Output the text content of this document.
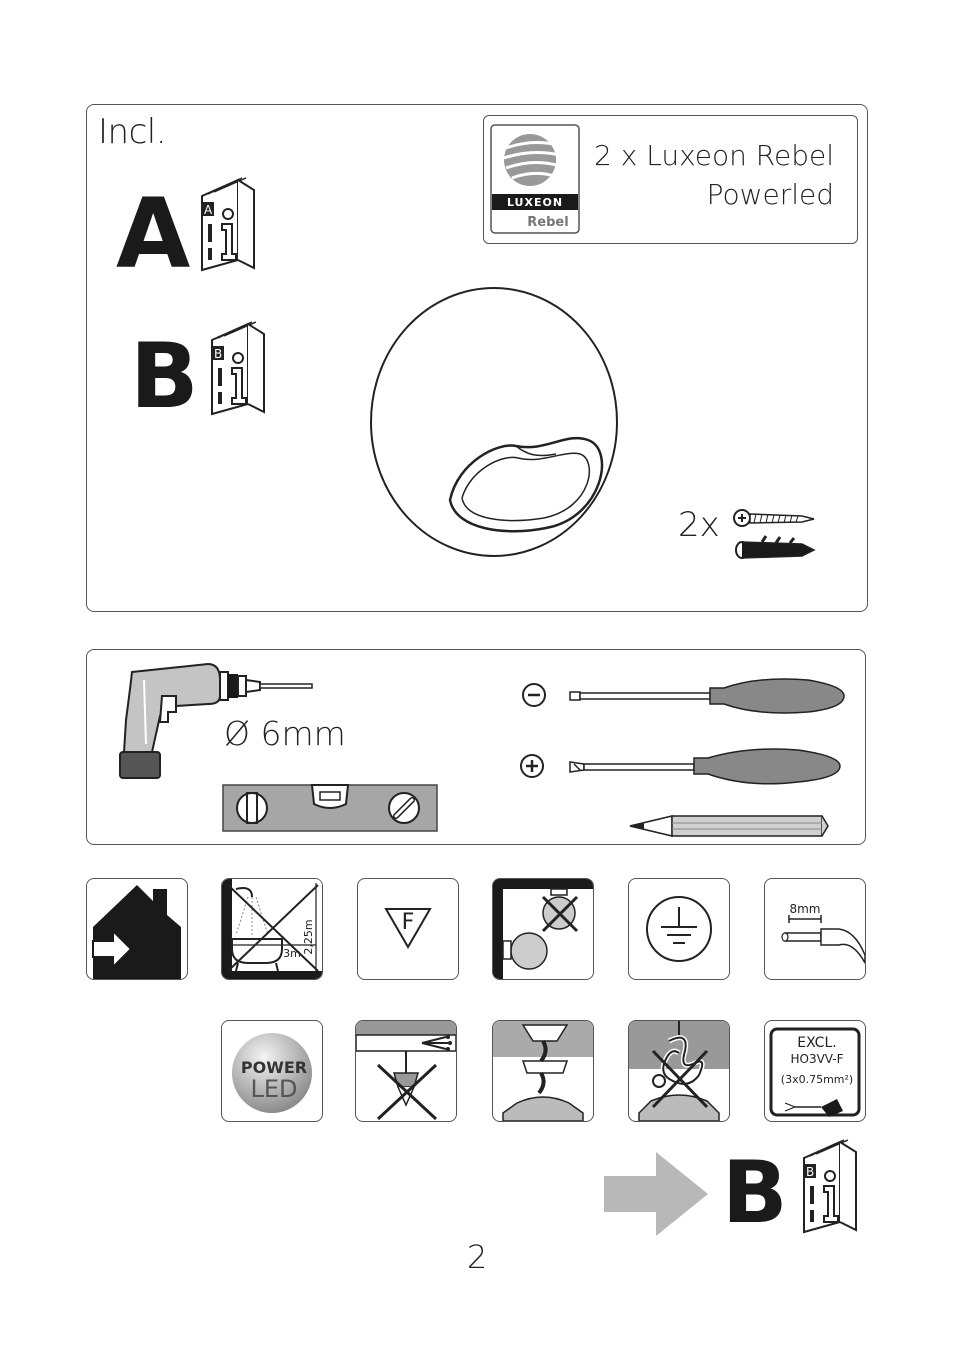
Incl.
A A
B B
LUXEON
Rebel
2 x Luxeon Rebel
Powerled
2x
Ø 6mm
2,25m
3m
F
8mm
POWER
LED
EXCL.
HO3VV-F
(3x0.75mm²)
B B
2
